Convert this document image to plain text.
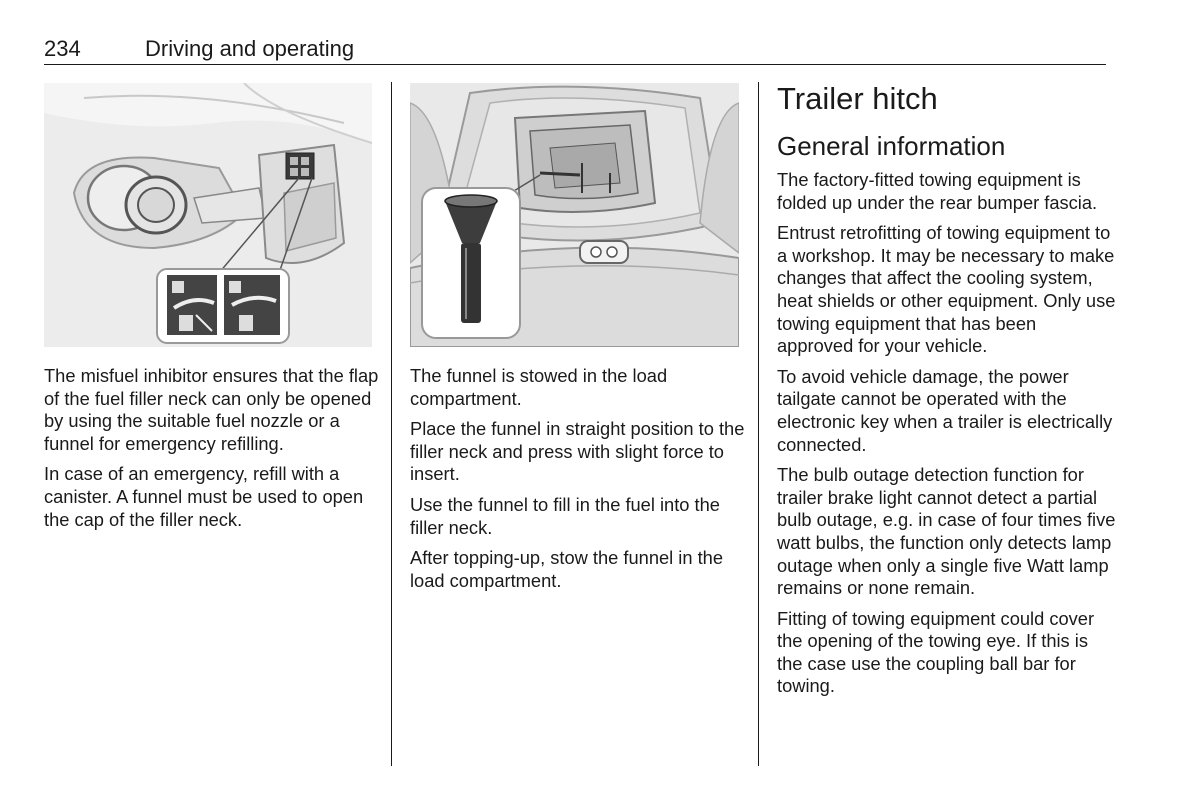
234	Driving and operating

The misfuel inhibitor ensures that the flap of the fuel filler neck can only be opened by using the suitable fuel nozzle or a funnel for emergency refilling.

In case of an emergency, refill with a canister. A funnel must be used to open the cap of the filler neck.

The funnel is stowed in the load compartment.

Place the funnel in straight position to the filler neck and press with slight force to insert.

Use the funnel to fill in the fuel into the filler neck.

After topping-up, stow the funnel in the load compartment.

Trailer hitch
General information

The factory-fitted towing equipment is folded up under the rear bumper fascia.

Entrust retrofitting of towing equipment to a workshop. It may be necessary to make changes that affect the cooling system, heat shields or other equipment. Only use towing equipment that has been approved for your vehicle.

To avoid vehicle damage, the power tailgate cannot be operated with the electronic key when a trailer is electrically connected.

The bulb outage detection function for trailer brake light cannot detect a partial bulb outage, e.g. in case of four times five watt bulbs, the function only detects lamp outage when only a single five Watt lamp remains or none remain.

Fitting of towing equipment could cover the opening of the towing eye. If this is the case use the coupling ball bar for towing.
